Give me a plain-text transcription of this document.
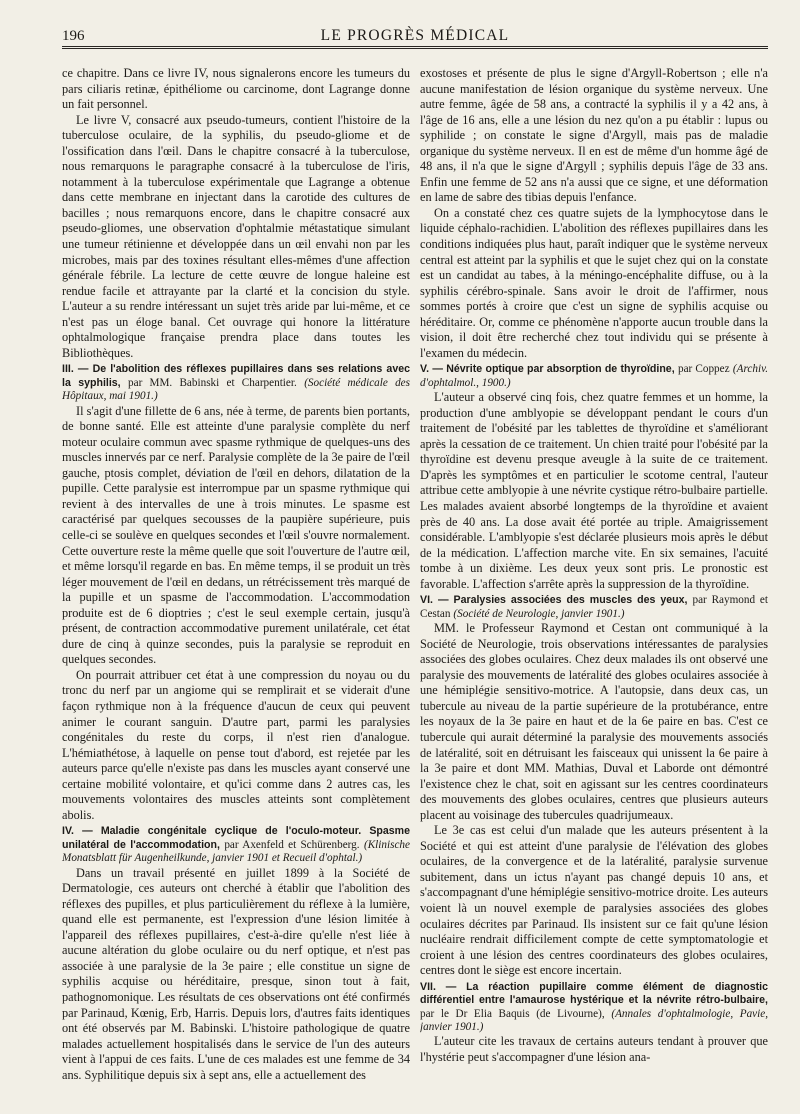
196	LE PROGRÈS MÉDICAL

ce chapitre. Dans ce livre IV, nous signalerons encore les tumeurs du pars ciliaris retinæ, épithéliome ou carcinome, dont Lagrange donne un fait personnel.

Le livre V, consacré aux pseudo-tumeurs, contient l'histoire de la tuberculose oculaire, de la syphilis, du pseudo-gliome et de l'ossification dans l'œil. Dans le chapitre consacré à la tuberculose, nous remarquons le paragraphe consacré à la tuberculose de l'iris, notamment à la tuberculose expérimentale que Lagrange a obtenue dans cette membrane en injectant dans la carotide des cultures de bacilles ; nous remarquons encore, dans le chapitre consacré aux pseudo-gliomes, une observation d'ophtalmie métastatique simulant une tumeur rétinienne et développée dans un œil envahi non par les microbes, mais par des toxines résultant elles-mêmes d'une affection générale fébrile. La lecture de cette œuvre de longue haleine est rendue facile et attrayante par la clarté et la concision du style. L'auteur a su rendre intéressant un sujet très aride par lui-même, et ce n'est pas un éloge banal. Cet ouvrage qui honore la littérature ophtalmologique française prendra place dans toutes les Bibliothèques.

III. — De l'abolition des réflexes pupillaires dans ses relations avec la syphilis, par MM. Babinski et Charpentier. (Société médicale des Hôpitaux, mai 1901.)

Il s'agit d'une fillette de 6 ans, née à terme, de parents bien portants, de bonne santé. Elle est atteinte d'une paralysie complète du nerf moteur oculaire commun avec spasme rythmique de quelques-uns des muscles innervés par ce nerf. Paralysie complète de la 3e paire de l'œil gauche, ptosis complet, déviation de l'œil en dehors, dilatation de la pupille. Cette paralysie est interrompue par un spasme rythmique qui revient à des intervalles de une à trois minutes. Le spasme est caractérisé par quelques secousses de la paupière supérieure, puis celle-ci se soulève en quelques secondes et l'œil s'ouvre normalement. Cette ouverture reste la même quelle que soit l'ouverture de l'autre œil, et même lorsqu'il regarde en bas. En même temps, il se produit un très léger mouvement de l'œil en dedans, un rétrécissement très marqué de la pupille et un spasme de l'accommodation. L'accommodation produite est de 6 dioptries ; c'est le seul exemple certain, jusqu'à présent, de contraction accommodative purement unilatérale, cet état dure de cinq à quinze secondes, puis la paralysie se reproduit en quelques secondes.

On pourrait attribuer cet état à une compression du noyau ou du tronc du nerf par un angiome qui se remplirait et se viderait d'une façon rythmique non à la fréquence d'aucun de ceux qui peuvent animer le courant sanguin. D'autre part, parmi les paralysies congénitales du reste du corps, il n'est rien d'analogue. L'hémiathétose, à laquelle on pense tout d'abord, est rejetée par les auteurs parce qu'elle n'existe pas dans les muscles ayant conservé une certaine mobilité volontaire, et qu'ici comme dans 2 autres cas, les mouvements volontaires des muscles atteints sont complètement abolis.

IV. — Maladie congénitale cyclique de l'oculo-moteur. Spasme unilatéral de l'accommodation, par Axenfeld et Schürenberg. (Klinische Monatsblatt für Augenheilkunde, janvier 1901 et Recueil d'ophtal.)

Dans un travail présenté en juillet 1899 à la Société de Dermatologie, ces auteurs ont cherché à établir que l'abolition des réflexes des pupilles, et plus particulièrement du réflexe à la lumière, quand elle est permanente, est l'expression d'une lésion limitée à l'appareil des réflexes pupillaires, c'est-à-dire qu'elle n'est liée à aucune altération du globe oculaire ou du nerf optique, et n'est pas associée à une paralysie de la 3e paire ; elle constitue un signe de syphilis acquise ou héréditaire, presque, sinon tout à fait, pathognomonique. Les résultats de ces observations ont été confirmés par Parinaud, Kœnig, Erb, Harris. Depuis lors, d'autres faits identiques ont été observés par M. Babinski. L'histoire pathologique de quatre malades actuellement hospitalisés dans le service de l'un des auteurs vient à l'appui de ces faits. L'une de ces malades est une femme de 34 ans. Syphilitique depuis six à sept ans, elle a actuellement des

exostoses et présente de plus le signe d'Argyll-Robertson ; elle n'a aucune manifestation de lésion organique du système nerveux. Une autre femme, âgée de 58 ans, a contracté la syphilis il y a 42 ans, à l'âge de 16 ans, elle a une lésion du nez qu'on a pu établir : lupus ou syphilide ; on constate le signe d'Argyll, mais pas de maladie organique du système nerveux. Il en est de même d'un homme âgé de 48 ans, il n'a que le signe d'Argyll ; syphilis depuis l'âge de 33 ans. Enfin une femme de 52 ans n'a aussi que ce signe, et une déformation en lame de sabre des tibias depuis l'enfance.

On a constaté chez ces quatre sujets de la lymphocytose dans le liquide céphalo-rachidien. L'abolition des réflexes pupillaires dans les conditions indiquées plus haut, paraît indiquer que le système nerveux central est atteint par la syphilis et que le sujet chez qui on la constate est un candidat au tabes, à la méningo-encéphalite diffuse, ou à la syphilis cérébro-spinale. Sans avoir le droit de l'affirmer, nous sommes portés à croire que c'est un signe de syphilis acquise ou héréditaire. Or, comme ce phénomène n'apporte aucun trouble dans la vision, il doit être recherché chez tout individu qui se présente à l'examen du médecin.

V. — Névrite optique par absorption de thyroïdine, par Coppez (Archiv. d'ophtalmol., 1900.)

L'auteur a observé cinq fois, chez quatre femmes et un homme, la production d'une amblyopie se développant pendant le cours d'un traitement de l'obésité par les tablettes de thyroïdine et s'améliorant après la cessation de ce traitement. Un chien traité pour l'obésité par la thyroïdine est devenu presque aveugle à la suite de ce traitement. D'après les symptômes et en particulier le scotome central, l'auteur attribue cette amblyopie à une névrite cystique rétro-bulbaire partielle. Les malades avaient absorbé longtemps de la thyroïdine et avaient près de 40 ans. La dose avait été portée au triple. Amaigrissement considérable. L'amblyopie s'est déclarée plusieurs mois après le début de la médication. L'affection marche vite. En six semaines, l'acuité tombe à un dixième. Les deux yeux sont pris. Le pronostic est favorable. L'affection s'arrête après la suppression de la thyroïdine.

VI. — Paralysies associées des muscles des yeux, par Raymond et Cestan (Société de Neurologie, janvier 1901.)

MM. le Professeur Raymond et Cestan ont communiqué à la Société de Neurologie, trois observations intéressantes de paralysies associées des globes oculaires. Chez deux malades ils ont observé une paralysie des mouvements de latéralité des globes oculaires associée à une hémiplégie sensitivo-motrice. A l'autopsie, dans deux cas, un tubercule au niveau de la partie supérieure de la protubérance, entre les noyaux de la 3e paire en haut et de la 6e paire en bas. C'est ce tubercule qui aurait déterminé la paralysie des mouvements associés de latéralité, soit en détruisant les faisceaux qui unissent la 6e paire à la 3e paire et dont MM. Mathias, Duval et Laborde ont démontré l'existence chez le chat, soit en agissant sur les centres coordinateurs des mouvements des globes oculaires, centres que plusieurs auteurs placent au voisinage des tubercules quadrijumeaux.

Le 3e cas est celui d'un malade que les auteurs présentent à la Société et qui est atteint d'une paralysie de l'élévation des globes oculaires, de la convergence et de la latéralité, paralysie survenue subitement, dans un ictus n'ayant pas changé depuis 10 ans, et s'accompagnant d'une hémiplégie sensitivo-motrice droite. Les auteurs voient là un nouvel exemple de paralysies associées des globes oculaires décrites par Parinaud. Ils insistent sur ce fait qu'une lésion nucléaire rendrait difficilement compte de cette symptomatologie et croient à une lésion des centres coordinateurs des globes oculaires, centres dont le siège est encore incertain.

VII. — La réaction pupillaire comme élément de diagnostic différentiel entre l'amaurose hystérique et la névrite rétro-bulbaire, par le Dr Elia Baquis (de Livourne), (Annales d'ophtalmologie, Pavie, janvier 1901.)

L'auteur cite les travaux de certains auteurs tendant à prouver que l'hystérie peut s'accompagner d'une lésion ana-
